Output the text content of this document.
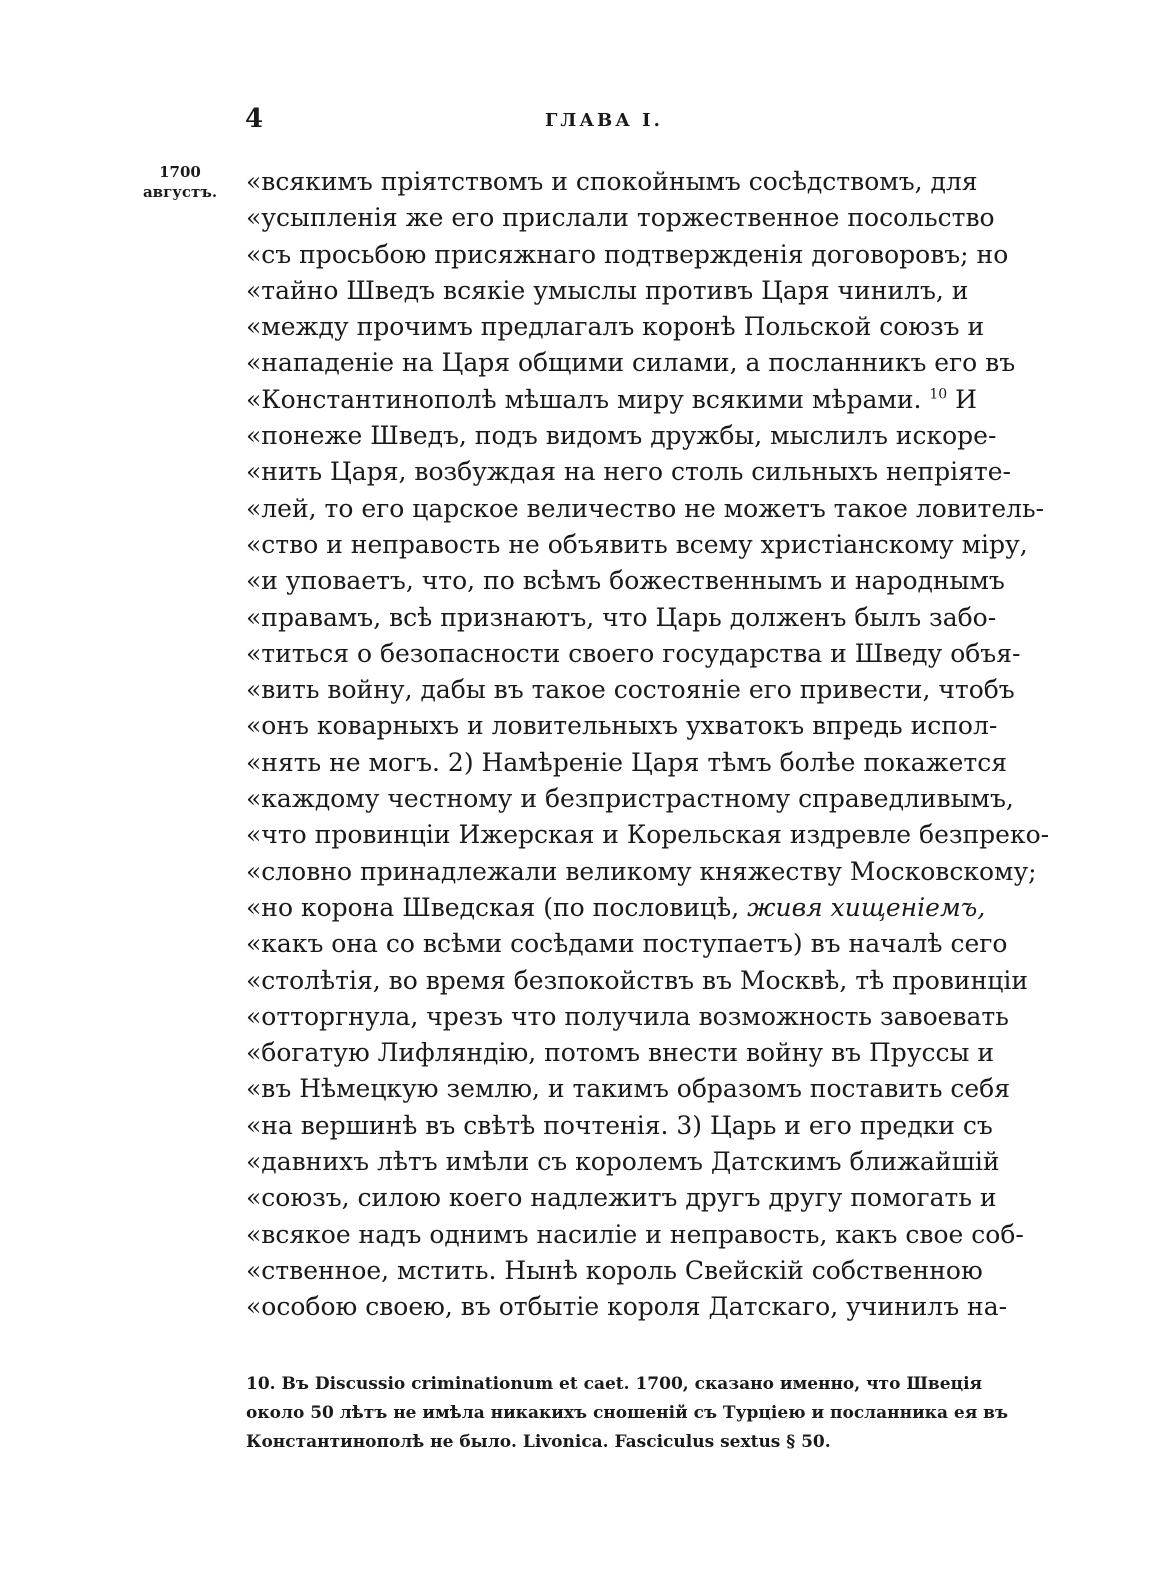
4	ГЛАВА I.
1700
августъ. «всякимъ пріятствомъ и спокойнымъ сосѣдствомъ, для
«усыпленія же его прислали торжественное посольство
«съ просьбою присяжнаго подтвержденія договоровъ; но
«тайно Шведъ всякіе умыслы противъ Царя чинилъ, и
«между прочимъ предлагалъ коронѣ Польской союзъ и
«нападеніе на Царя общими силами, а посланникъ его въ
«Константинополѣ мѣшалъ миру всякими мѣрами. $^{10}$ И
«понеже Шведъ, подъ видомъ дружбы, мыслилъ искоре-
«нить Царя, возбуждая на него столь сильныхъ непріяте-
«лей, то его царское величество не можетъ такое ловитель-
«ство и неправость не объявить всему христіанскому міру,
«и уповаетъ, что, по всѣмъ божественнымъ и народнымъ
«правамъ, всѣ признаютъ, что Царь долженъ былъ забо-
«титься о безопасности своего государства и Шведу объя-
«вить войну, дабы въ такое состояніе его привести, чтобъ
«онъ коварныхъ и ловительныхъ ухватокъ впредь испол-
«нять не могъ. 2) Намѣреніе Царя тѣмъ болѣе покажется
«каждому честному и безпристрастному справедливымъ,
«что провинціи Ижерская и Корельская издревле безпреко-
«словно принадлежали великому княжеству Московскому;
«но корона Шведская (по пословицѣ, живя хищеніемъ,
«какъ она со всѣми сосѣдами поступаетъ) въ началѣ сего
«столѣтія, во время безпокойствъ въ Москвѣ, тѣ провинціи
«отторгнула, чрезъ что получила возможность завоевать
«богатую Лифляндію, потомъ внести войну въ Пруссы и
«въ Нѣмецкую землю, и такимъ образомъ поставить себя
«на вершинѣ въ свѣтѣ почтенія. 3) Царь и его предки съ
«давнихъ лѣтъ имѣли съ королемъ Датскимъ ближайшій
«союзъ, силою коего надлежитъ другъ другу помогать и
«всякое надъ однимъ насиліе и неправость, какъ свое соб-
«ственное, мстить. Нынѣ король Свейскій собственною
«особою своею, въ отбытіе короля Датскаго, учинилъ на-
10. Въ Discussio criminationum et caet. 1700, сказано именно, что Швеція
около 50 лѣтъ не имѣла никакихъ сношеній съ Турціею и посланника ея въ
Константинополѣ не было. Livonica. Fasciculus sextus § 50.
